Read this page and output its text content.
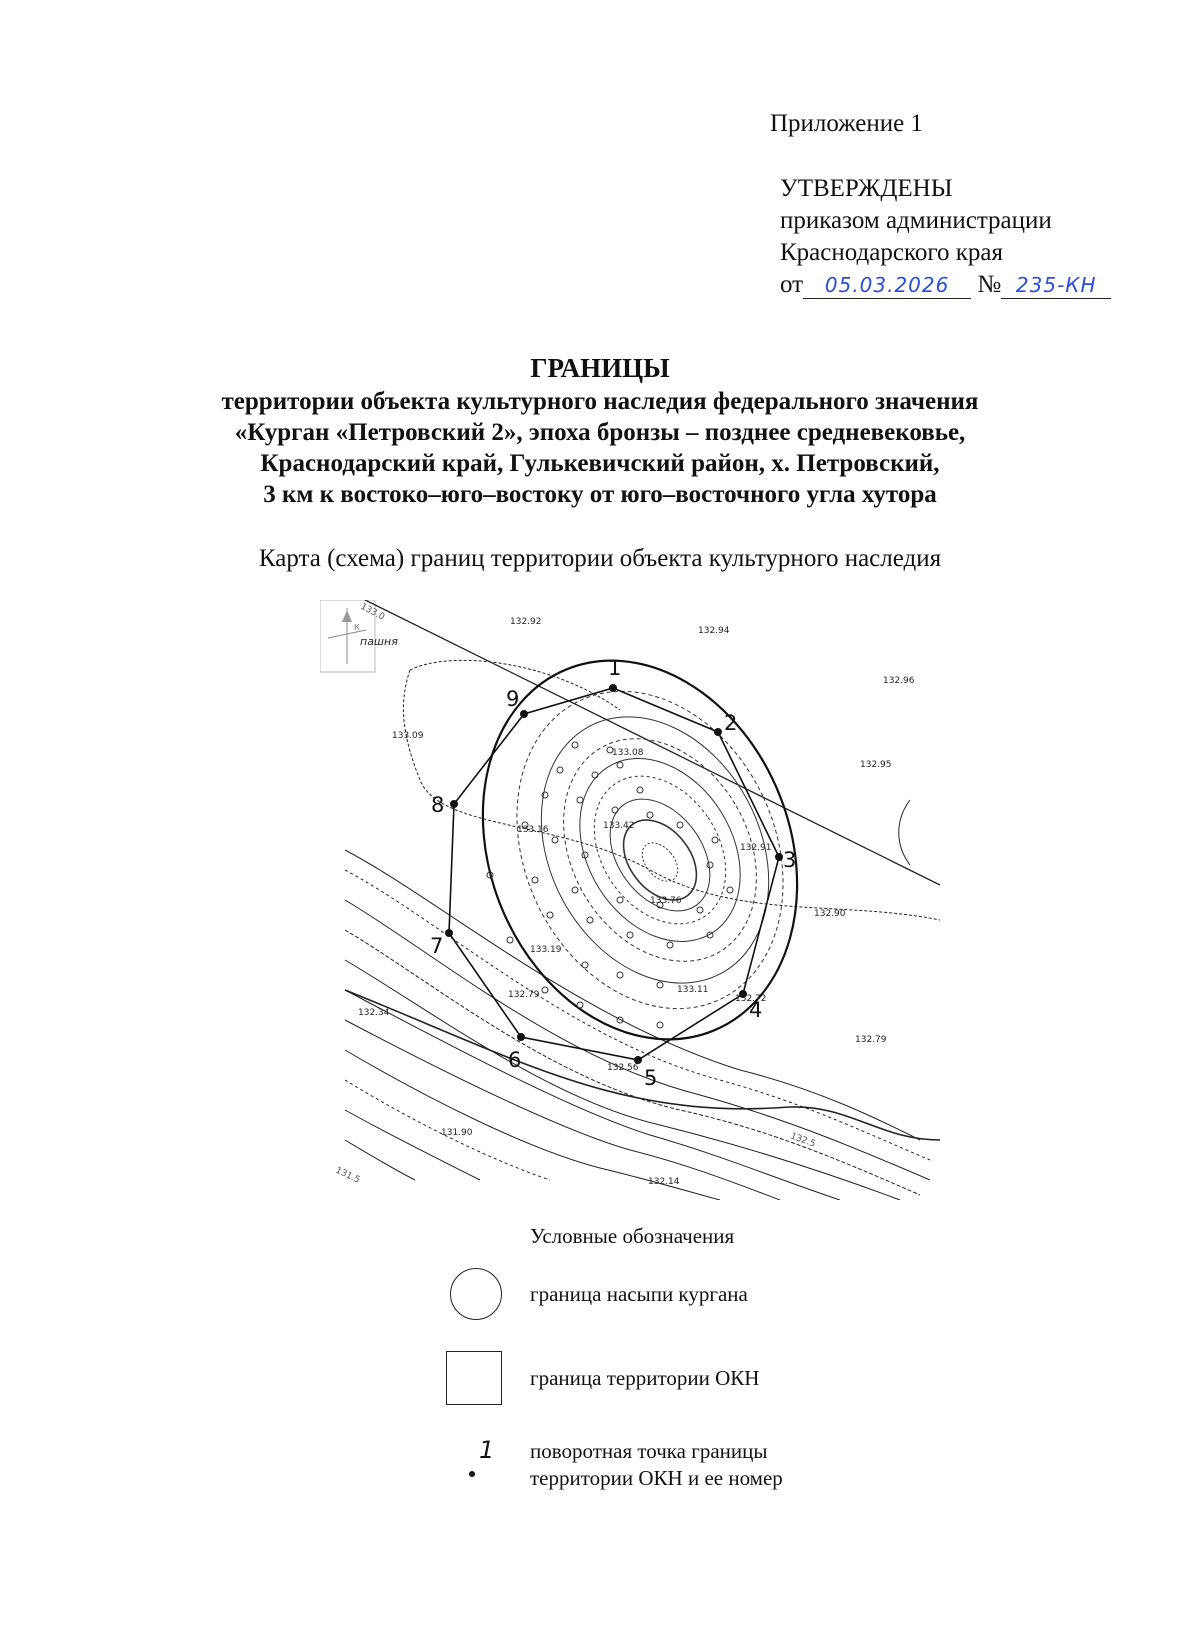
Приложение 1
УТВЕРЖДЕНЫ
приказом администрации
Краснодарского края
от 05.03.2026 № 235-КН
ГРАНИЦЫ
территории объекта культурного наследия федерального значения
«Курган «Петровский 2», эпоха бронзы – позднее средневековье,
Краснодарский край, Гулькевичский район, х. Петровский,
3 км к востоко–юго–востоку от юго–восточного угла хутора
Карта (схема) границ территории объекта культурного наследия
К
пашня
1
2
3
4
5
6
7
8
9
132.92
132.94
132.96
133.09
132.95
133.08
133.16	133.42
132.91
133.76
132.90
133.19
132.79	133.11
132.72
132.34
132.79
132.56
131.90
132.14
133.0
132.5
131.5
Условные обозначения
граница насыпи кургана
граница территории ОКН
1 поворотная точка границы
территории ОКН и ее номер
